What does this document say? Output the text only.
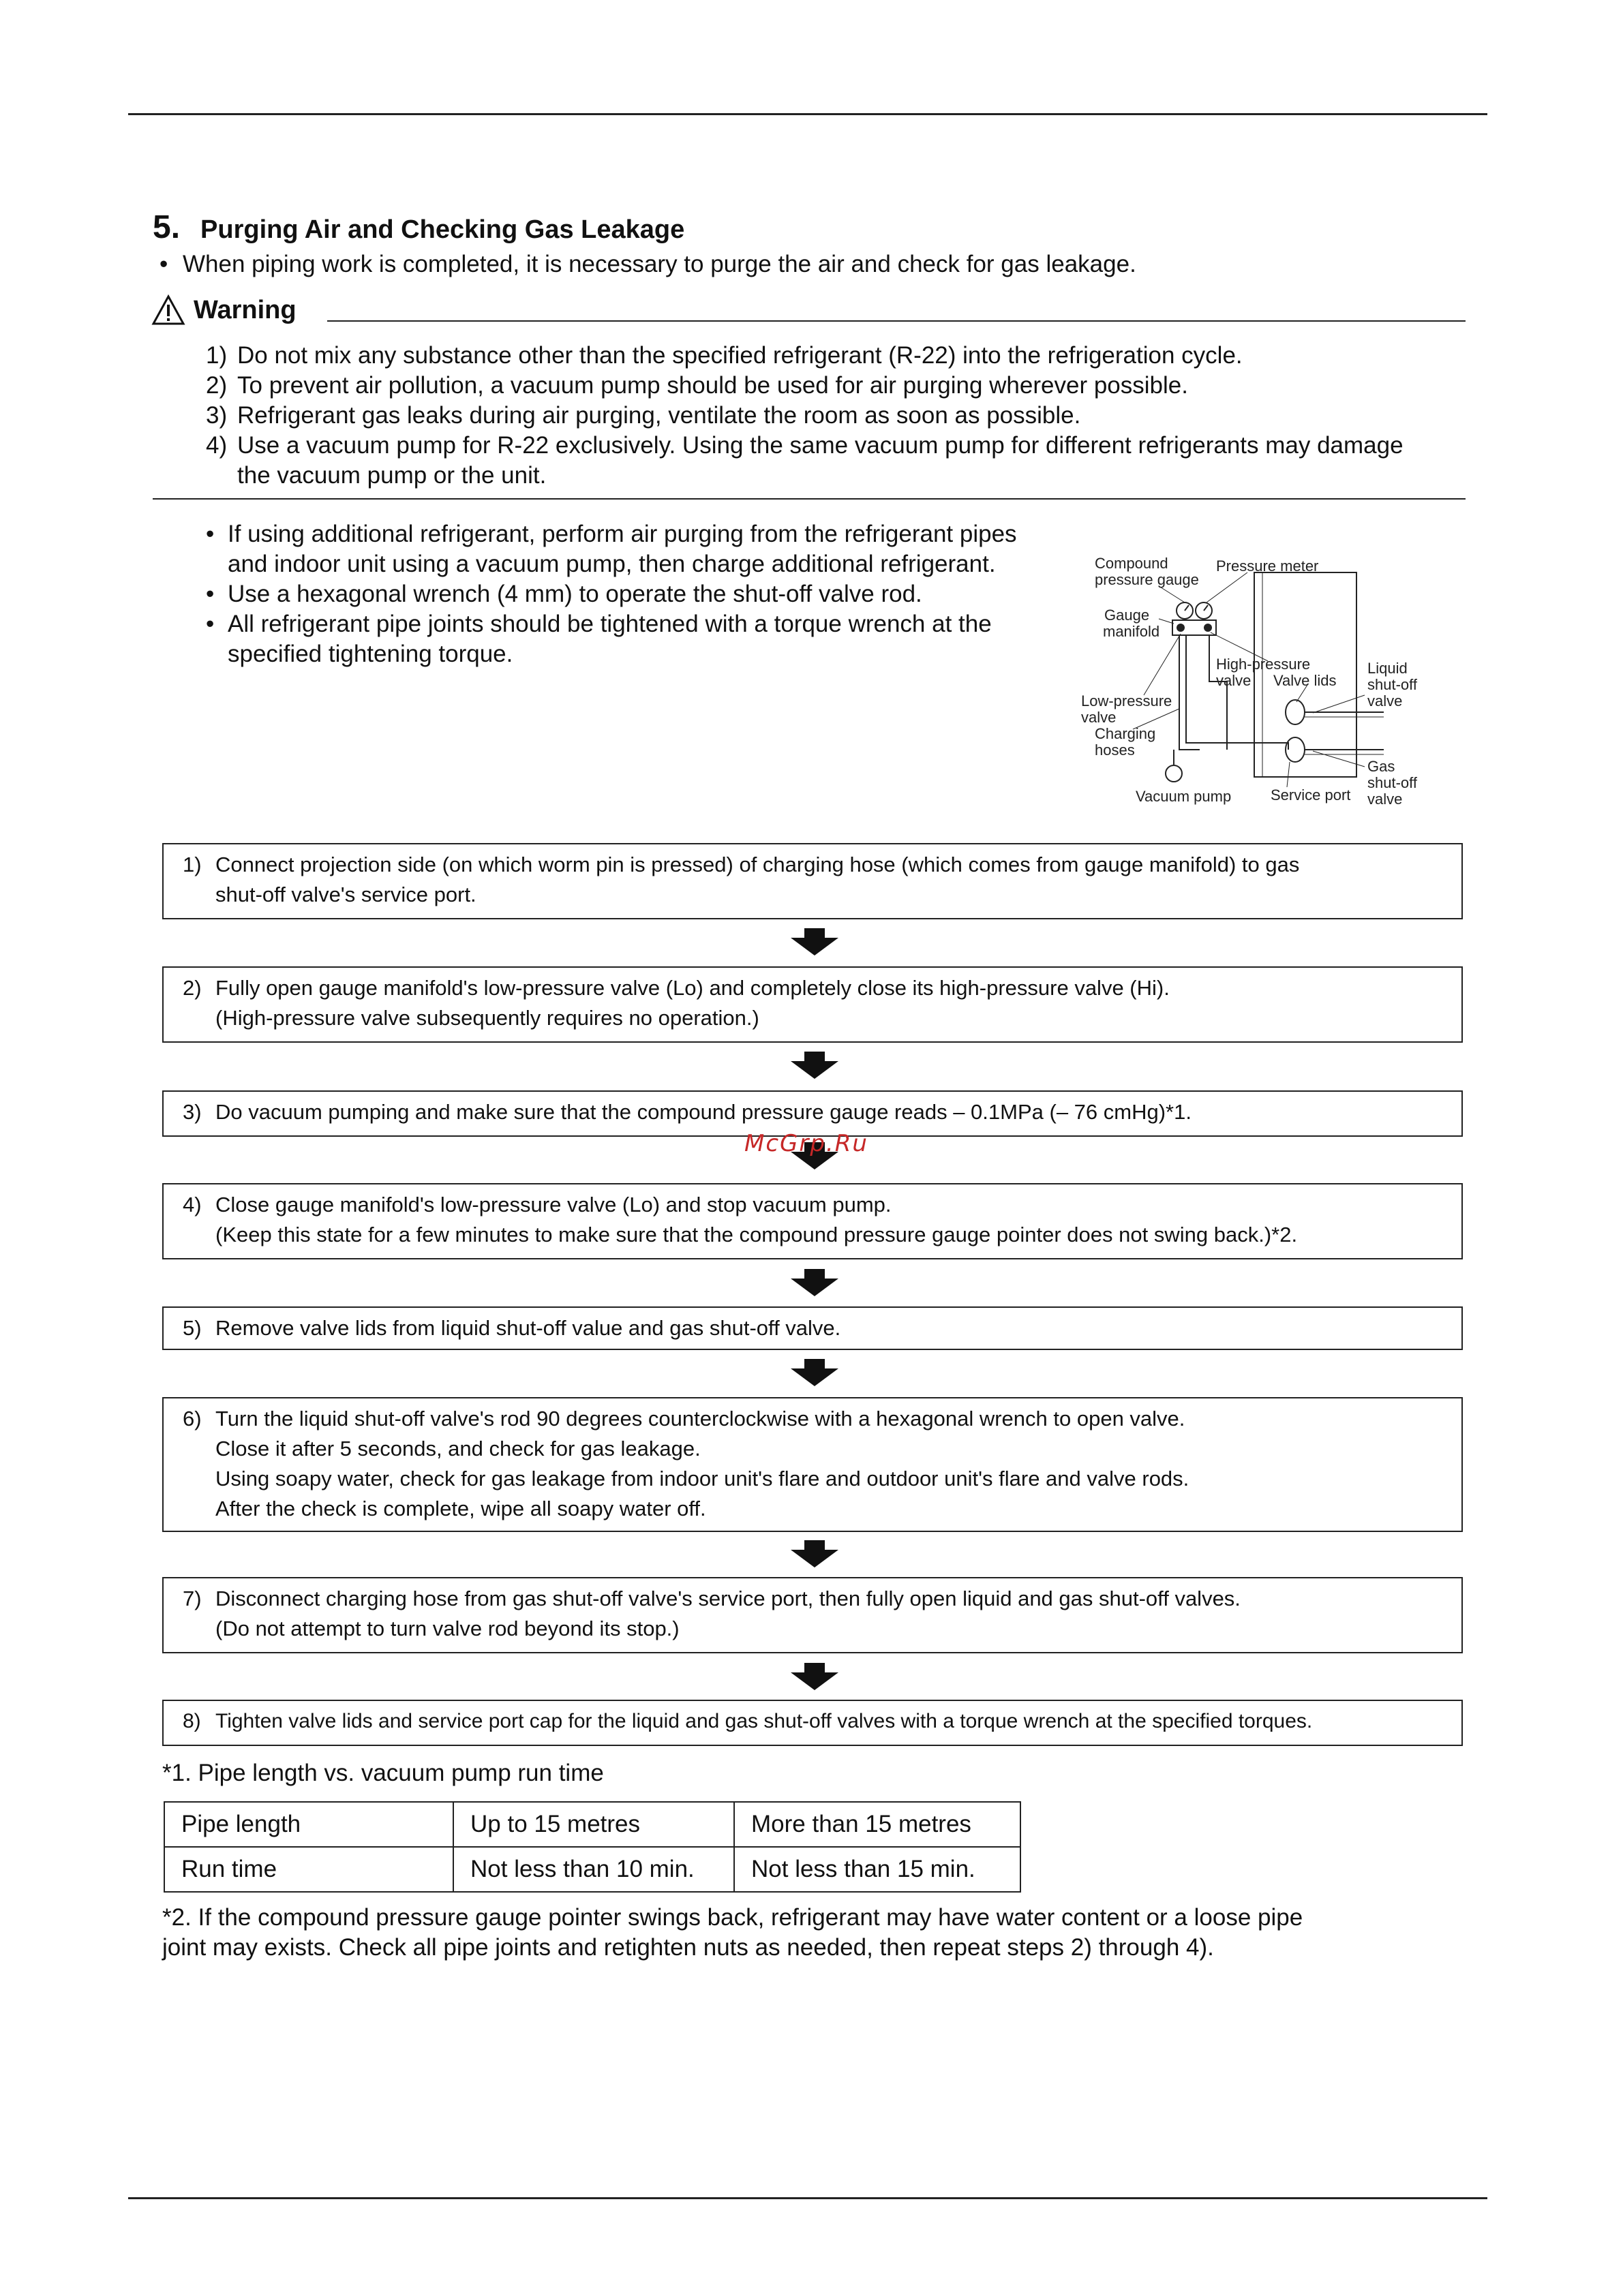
5. Purging Air and Checking Gas Leakage
• When piping work is completed, it is necessary to purge the air and check for gas leakage.
Warning
1) Do not mix any substance other than the specified refrigerant (R-22) into the refrigeration cycle.
2) To prevent air pollution, a vacuum pump should be used for air purging wherever possible.
3) Refrigerant gas leaks during air purging, ventilate the room as soon as possible.
4) Use a vacuum pump for R-22 exclusively. Using the same vacuum pump for different refrigerants may damage the vacuum pump or the unit.
• If using additional refrigerant, perform air purging from the refrigerant pipes and indoor unit using a vacuum pump, then charge additional refrigerant.
• Use a hexagonal wrench (4 mm) to operate the shut-off valve rod.
• All refrigerant pipe joints should be tightened with a torque wrench at the specified tightening torque.
Compound
pressure gauge
Pressure meter
Gauge
manifold
High-pressure
valve Valve lids
Liquid
shut-off
valve
Low-pressure
valve
Charging
hoses
Gas
shut-off
valve
Vacuum pump	Service port
1) Connect projection side (on which worm pin is pressed) of charging hose (which comes from gauge manifold) to gas
shut-off valve's service port.
2) Fully open gauge manifold's low-pressure valve (Lo) and completely close its high-pressure valve (Hi).
(High-pressure valve subsequently requires no operation.)
3) Do vacuum pumping and make sure that the compound pressure gauge reads – 0.1MPa (– 76 cmHg)*1.
4) Close gauge manifold's low-pressure valve (Lo) and stop vacuum pump.
(Keep this state for a few minutes to make sure that the compound pressure gauge pointer does not swing back.)*2.
5) Remove valve lids from liquid shut-off value and gas shut-off valve.
6) Turn the liquid shut-off valve's rod 90 degrees counterclockwise with a hexagonal wrench to open valve.
Close it after 5 seconds, and check for gas leakage.
Using soapy water, check for gas leakage from indoor unit's flare and outdoor unit's flare and valve rods.
After the check is complete, wipe all soapy water off.
7) Disconnect charging hose from gas shut-off valve's service port, then fully open liquid and gas shut-off valves.
(Do not attempt to turn valve rod beyond its stop.)
8) Tighten valve lids and service port cap for the liquid and gas shut-off valves with a torque wrench at the specified torques.
*1. Pipe length vs. vacuum pump run time
Pipe length	Up to 15 metres	More than 15 metres
Run time	Not less than 10 min.	Not less than 15 min.
*2. If the compound pressure gauge pointer swings back, refrigerant may have water content or a loose pipe
joint may exists. Check all pipe joints and retighten nuts as needed, then repeat steps 2) through 4).
McGrp.Ru
